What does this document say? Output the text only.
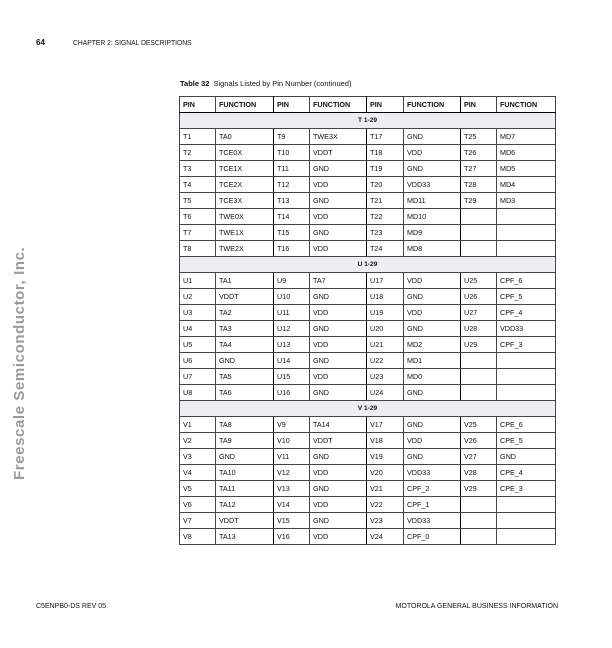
64	CHAPTER 2: SIGNAL DESCRIPTIONS
Freescale Semiconductor, Inc.
Table 32 Signals Listed by Pin Number (continued)
PIN	FUNCTION	PIN	FUNCTION	PIN	FUNCTION	PIN	FUNCTION
T 1-29							
T1	TA0	T9	TWE3X	T17	GND	T25	MD7
T2	TCE0X	T10	VDDT	T18	VDD	T26	MD6
T3	TCE1X	T11	GND	T19	GND	T27	MD5
T4	TCE2X	T12	VDD	T20	VDD33	T28	MD4
T5	TCE3X	T13	GND	T21	MD11	T29	MD3
T6	TWE0X	T14	VDD	T22	MD10		
T7	TWE1X	T15	GND	T23	MD9		
T8	TWE2X	T16	VDD	T24	MD8		
U 1-29							
U1	TA1	U9	TA7	U17	VDD	U25	CPF_6
U2	VDDT	U10	GND	U18	GND	U26	CPF_5
U3	TA2	U11	VDD	U19	VDD	U27	CPF_4
U4	TA3	U12	GND	U20	GND	U28	VDD33
U5	TA4	U13	VDD	U21	MD2	U29	CPF_3
U6	GND	U14	GND	U22	MD1		
U7	TA5	U15	VDD	U23	MD0		
U8	TA6	U16	GND	U24	GND		
V 1-29							
V1	TA8	V9	TA14	V17	GND	V25	CPE_6
V2	TA9	V10	VDDT	V18	VDD	V26	CPE_5
V3	GND	V11	GND	V19	GND	V27	GND
V4	TA10	V12	VDD	V20	VDD33	V28	CPE_4
V5	TA11	V13	GND	V21	CPF_2	V29	CPE_3
V6	TA12	V14	VDD	V22	CPF_1		
V7	VDDT	V15	GND	V23	VDD33		
V8	TA13	V16	VDD	V24	CPF_0		
C5ENPB0-DS REV 05	MOTOROLA GENERAL BUSINESS INFORMATION
